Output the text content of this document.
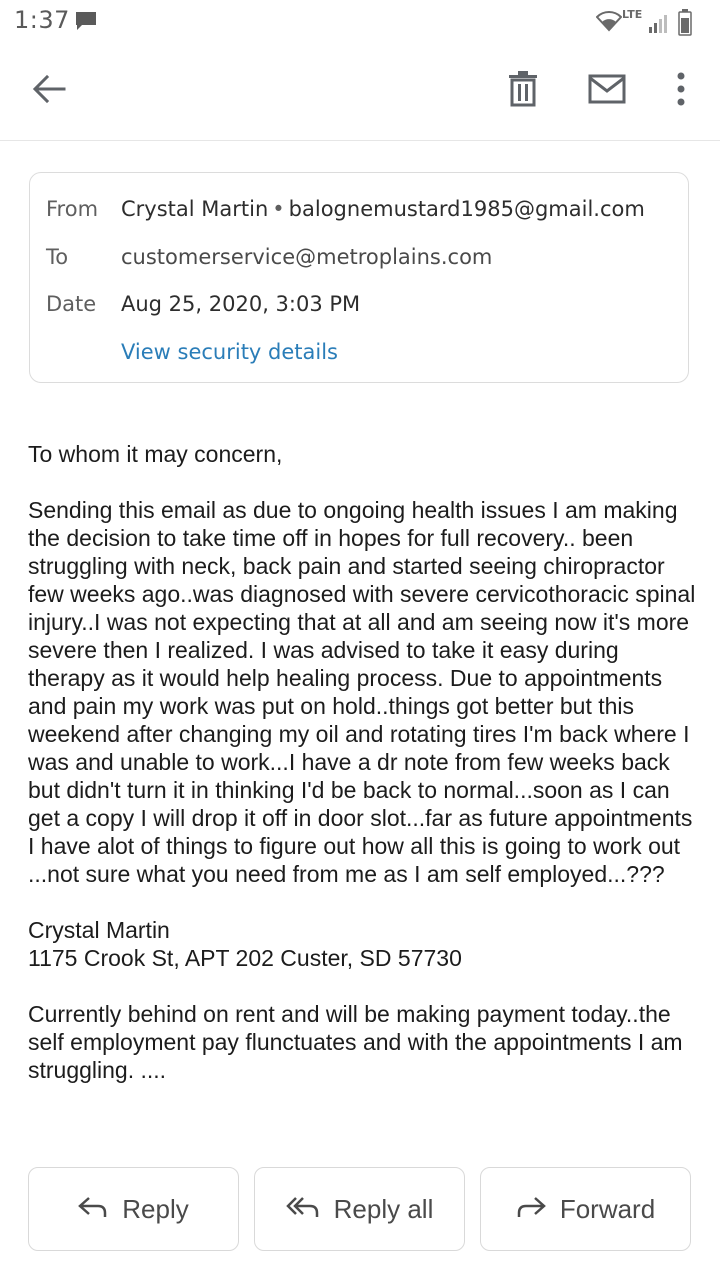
1:37	LTE
From Crystal Martin • balognemustard1985@gmail.com
To	customerservice@metroplains.com
Date Aug 25, 2020, 3:03 PM
View security details

To whom it may concern,

Sending this email as due to ongoing health issues I am making the decision to take time off in hopes for full recovery.. been struggling with neck, back pain and started seeing chiropractor few weeks ago..was diagnosed with severe cervicothoracic spinal injury..I was not expecting that at all and am seeing now it's more severe then I realized. I was advised to take it easy during therapy as it would help healing process. Due to appointments and pain my work was put on hold..things got better but this weekend after changing my oil and rotating tires I'm back where I was and unable to work...I have a dr note from few weeks back but didn't turn it in thinking I'd be back to normal...soon as I can get a copy I will drop it off in door slot...far as future appointments I have alot of things to figure out how all this is going to work out ...not sure what you need from me as I am self employed...???

Crystal Martin

1175 Crook St, APT 202 Custer, SD 57730

Currently behind on rent and will be making payment today..the self employment pay flunctuates and with the appointments I am struggling. ....

Reply	Reply all	Forward
